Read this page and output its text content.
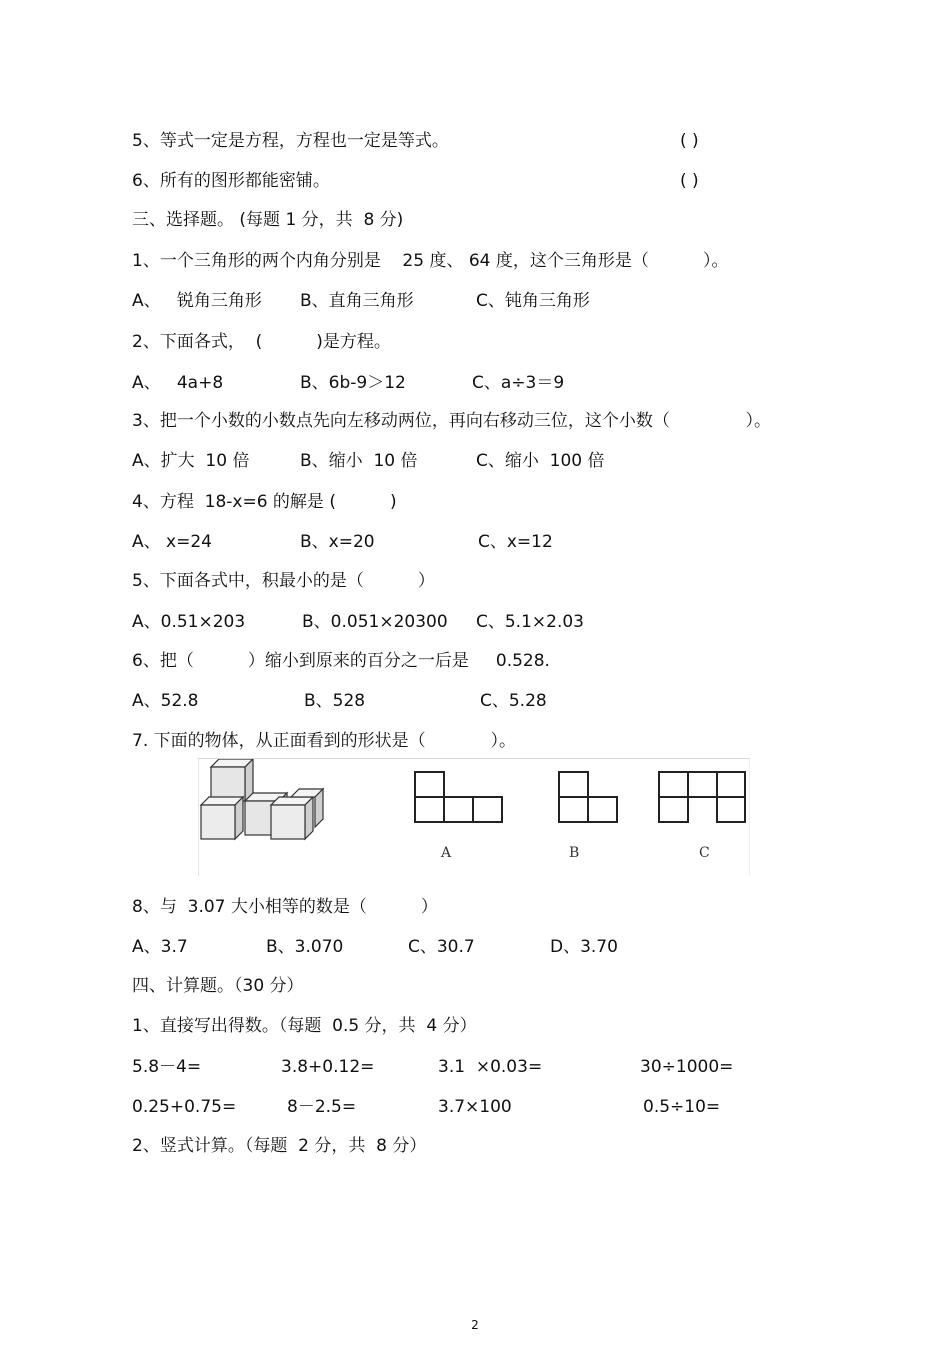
5、等式一定是方程，方程也一定是等式。	( )
6、所有的图形都能密铺。	( )
三、选择题。 (每题 1 分，共  8 分)
1、一个三角形的两个内角分别是    25 度、 64 度，这个三角形是（          ）。
A、   锐角三角形 B、直角三角形	C、钝角三角形
2、下面各式，  (          )是方程。
A、   4a+8	B、6b-9＞12	C、a÷3＝9
3、把一个小数的小数点先向左移动两位，再向右移动三位，这个小数（              ）。
A、扩大  10 倍	B、缩小  10 倍	C、缩小  100 倍
4、方程  18-x=6 的解是 (          )
A、 x=24	B、x=20	C、x=12
5、下面各式中，积最小的是（          ）
A、0.51×203	B、0.051×20300 C、5.1×2.03
6、把（          ）缩小到原来的百分之一后是     0.528.
A、52.8	B、528	C、5.28
7. 下面的物体，从正面看到的形状是（            ）。
A	B	C
8、与  3.07 大小相等的数是（          ）
A、3.7	B、3.070	C、30.7	D、3.70
四、计算题。（30 分）
1、直接写出得数。（每题  0.5 分，共  4 分）
5.8－4=	3.8+0.12=	3.1  ×0.03=	30÷1000=
0.25+0.75=	8－2.5=	3.7×100	0.5÷10=
2、竖式计算。（每题  2 分，共  8 分）
2
